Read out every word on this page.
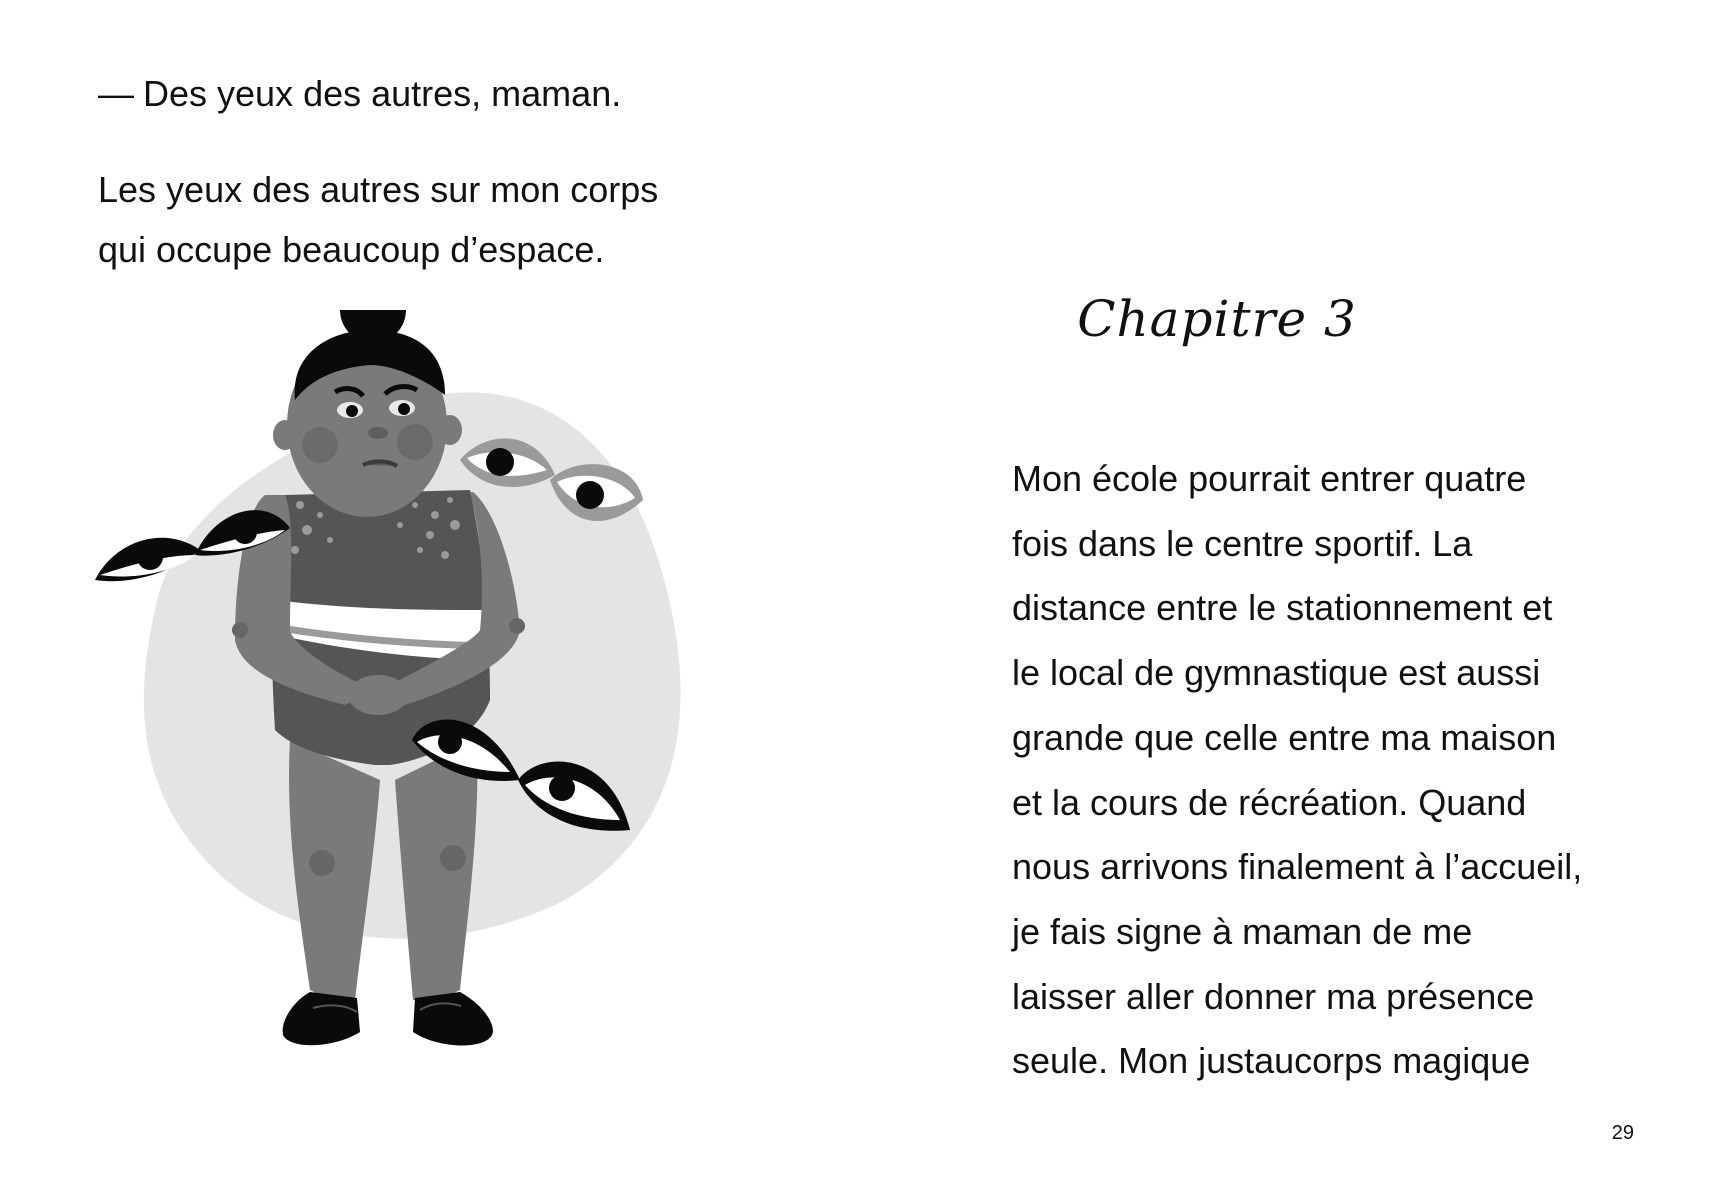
— Des yeux des autres, maman.
Les yeux des autres sur mon corps
qui occupe beaucoup d’espace.
Chapitre 3
Mon école pourrait entrer quatre
fois dans le centre sportif. La
distance entre le stationnement et
le local de gymnastique est aussi
grande que celle entre ma maison
et la cours de récréation. Quand
nous arrivons finalement à l’accueil,
je fais signe à maman de me
laisser aller donner ma présence
seule. Mon justaucorps magique
29
